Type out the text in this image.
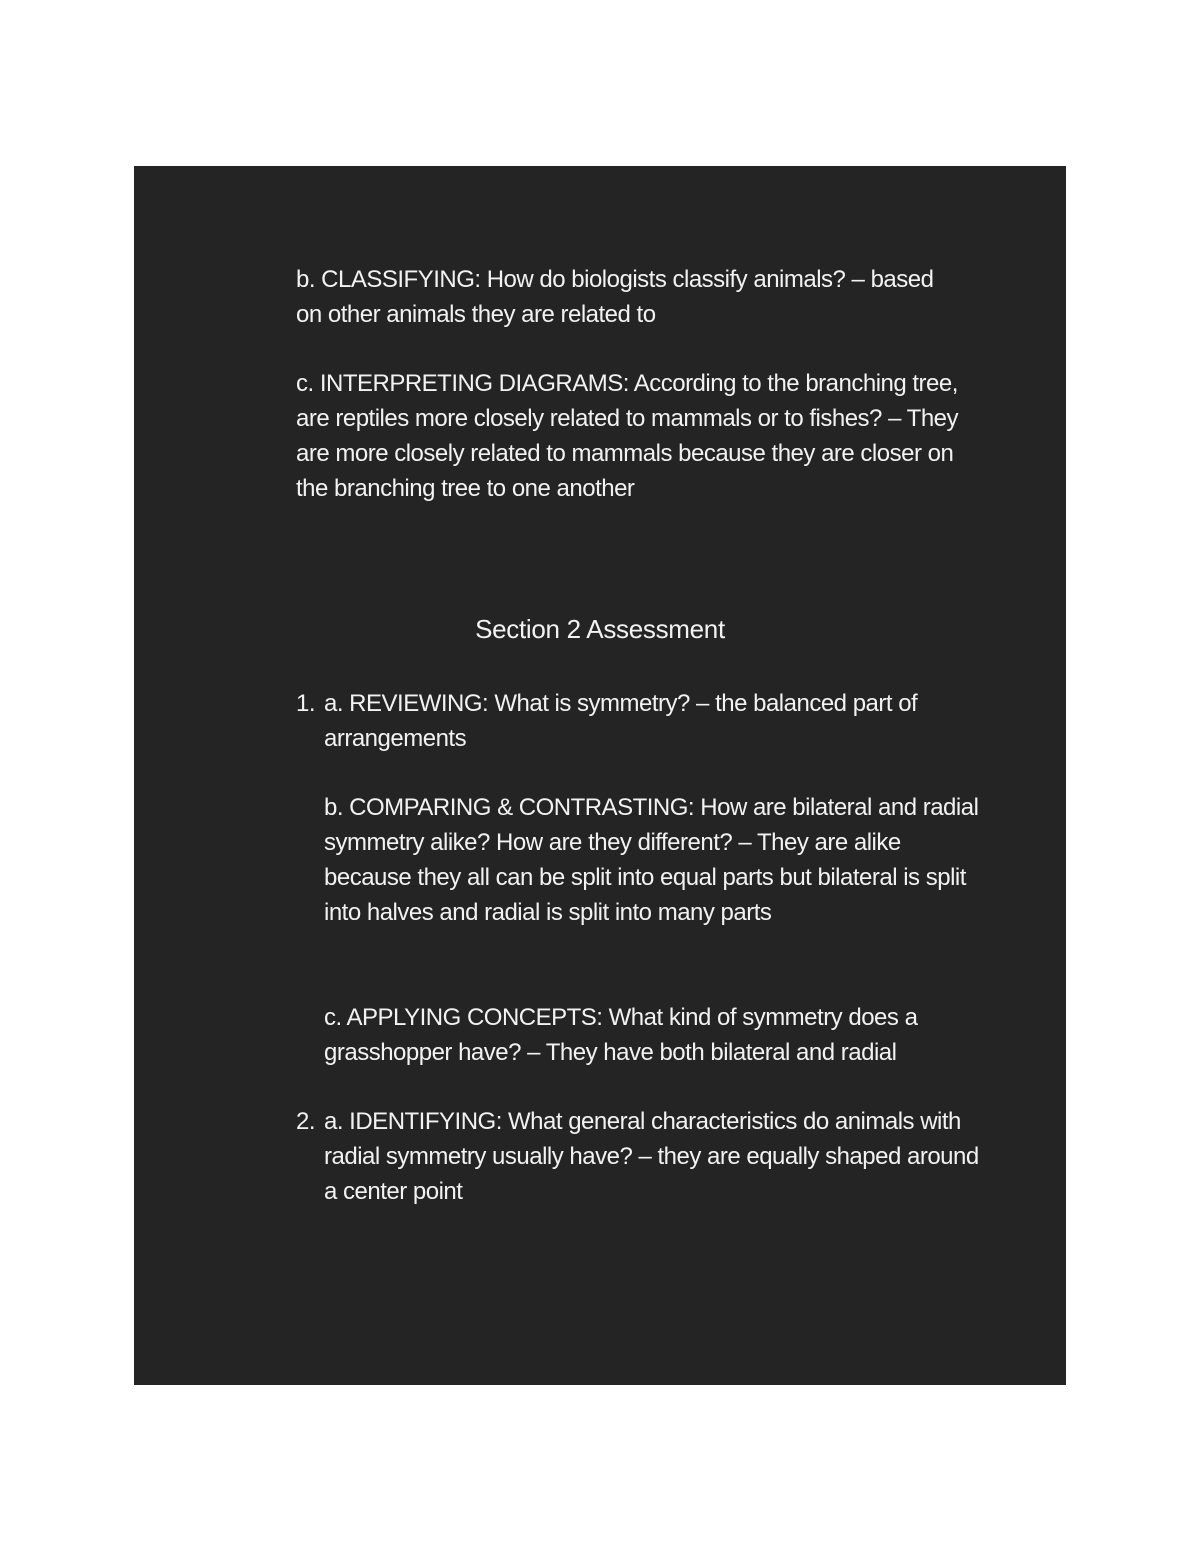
b. CLASSIFYING: How do biologists classify animals? – based on other animals they are related to

c. INTERPRETING DIAGRAMS: According to the branching tree, are reptiles more closely related to mammals or to fishes? – They are more closely related to mammals because they are closer on the branching tree to one another

Section 2 Assessment
1. a. REVIEWING: What is symmetry? – the balanced part of arrangements

b. COMPARING & CONTRASTING: How are bilateral and radial symmetry alike? How are they different? – They are alike because they all can be split into equal parts but bilateral is split into halves and radial is split into many parts

c. APPLYING CONCEPTS: What kind of symmetry does a grasshopper have? – They have both bilateral and radial

2. a. IDENTIFYING: What general characteristics do animals with radial symmetry usually have? – they are equally shaped around a center point
